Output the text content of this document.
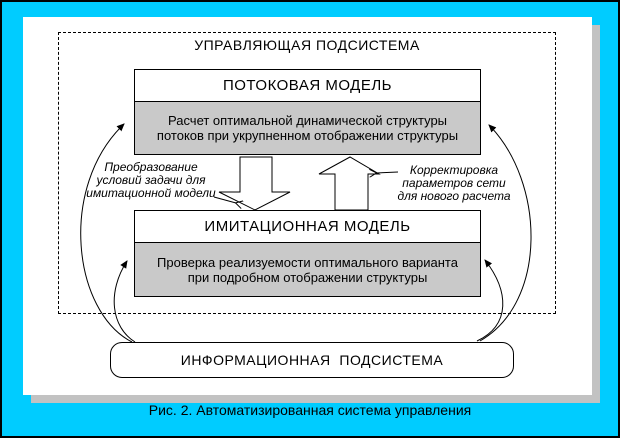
УПРАВЛЯЮЩАЯ ПОДСИСТЕМА
ПОТОКОВАЯ МОДЕЛЬ
Расчет оптимальной динамической структуры
потоков при укрупненном отображении структуры
ИМИТАЦИОННАЯ МОДЕЛЬ
Проверка реализуемости оптимального варианта
при подробном отображении структуры
ИНФОРМАЦИОННАЯ  ПОДСИСТЕМА
Преобразование
условий задачи для
имитационной модели
Корректировка
параметров сети
для нового расчета
Рис. 2. Автоматизированная система управления
